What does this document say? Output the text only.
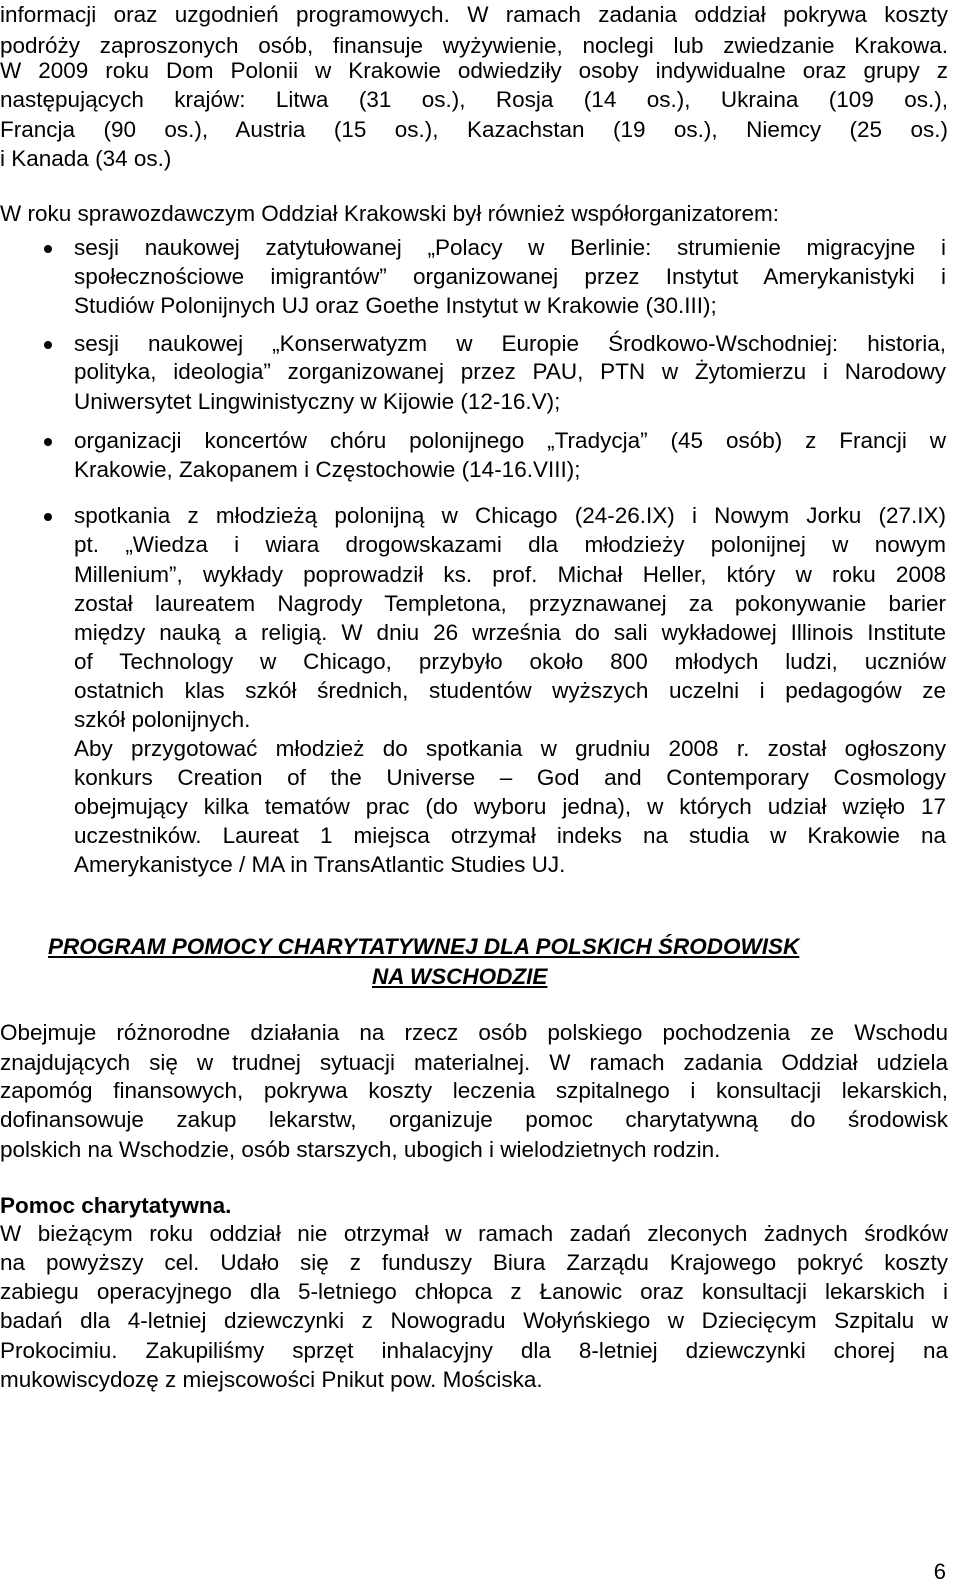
informacji oraz uzgodnień programowych. W ramach zadania oddział pokrywa koszty
podróży zaproszonych osób, finansuje wyżywienie, noclegi lub zwiedzanie Krakowa.
W 2009 roku Dom Polonii w Krakowie odwiedziły osoby indywidualne oraz grupy z
następujących krajów: Litwa (31 os.), Rosja (14 os.), Ukraina (109 os.),
Francja (90 os.), Austria (15 os.), Kazachstan (19 os.), Niemcy (25 os.)
i Kanada (34 os.)
W roku sprawozdawczym Oddział Krakowski był również współorganizatorem:
sesji naukowej zatytułowanej „Polacy w Berlinie: strumienie migracyjne i
społecznościowe imigrantów” organizowanej przez Instytut Amerykanistyki i
Studiów Polonijnych UJ oraz Goethe Instytut w Krakowie (30.III);
sesji naukowej „Konserwatyzm w Europie Środkowo-Wschodniej: historia,
polityka, ideologia” zorganizowanej przez PAU, PTN w Żytomierzu i Narodowy
Uniwersytet Lingwinistyczny w Kijowie (12-16.V);
organizacji koncertów chóru polonijnego „Tradycja” (45 osób) z Francji w
Krakowie, Zakopanem i Częstochowie (14-16.VIII);
spotkania z młodzieżą polonijną w Chicago (24-26.IX) i Nowym Jorku (27.IX)
pt. „Wiedza i wiara drogowskazami dla młodzieży polonijnej w nowym
Millenium”, wykłady poprowadził ks. prof. Michał Heller, który w roku 2008
został laureatem Nagrody Templetona, przyznawanej za pokonywanie barier
między nauką a religią. W dniu 26 września do sali wykładowej Illinois Institute
of Technology w Chicago, przybyło około 800 młodych ludzi, uczniów
ostatnich klas szkół średnich, studentów wyższych uczelni i pedagogów ze
szkół polonijnych.
Aby przygotować młodzież do spotkania w grudniu 2008 r. został ogłoszony
konkurs Creation of the Universe – God and Contemporary Cosmology
obejmujący kilka tematów prac (do wyboru jedna), w których udział wzięło 17
uczestników. Laureat 1 miejsca otrzymał indeks na studia w Krakowie na
Amerykanistyce / MA in TransAtlantic Studies UJ.
PROGRAM POMOCY CHARYTATYWNEJ DLA POLSKICH ŚRODOWISK
NA WSCHODZIE
Obejmuje różnorodne działania na rzecz osób polskiego pochodzenia ze Wschodu
znajdujących się w trudnej sytuacji materialnej. W ramach zadania Oddział udziela
zapomóg finansowych, pokrywa koszty leczenia szpitalnego i konsultacji lekarskich,
dofinansowuje zakup lekarstw, organizuje pomoc charytatywną do środowisk
polskich na Wschodzie, osób starszych, ubogich i wielodzietnych rodzin.
Pomoc charytatywna.
W bieżącym roku oddział nie otrzymał w ramach zadań zleconych żadnych środków
na powyższy cel. Udało się z funduszy Biura Zarządu Krajowego pokryć koszty
zabiegu operacyjnego dla 5-letniego chłopca z Łanowic oraz konsultacji lekarskich i
badań dla 4-letniej dziewczynki z Nowogradu Wołyńskiego w Dziecięcym Szpitalu w
Prokocimiu. Zakupiliśmy sprzęt inhalacyjny dla 8-letniej dziewczynki chorej na
mukowiscydozę z miejscowości Pnikut pow. Mościska.
6
